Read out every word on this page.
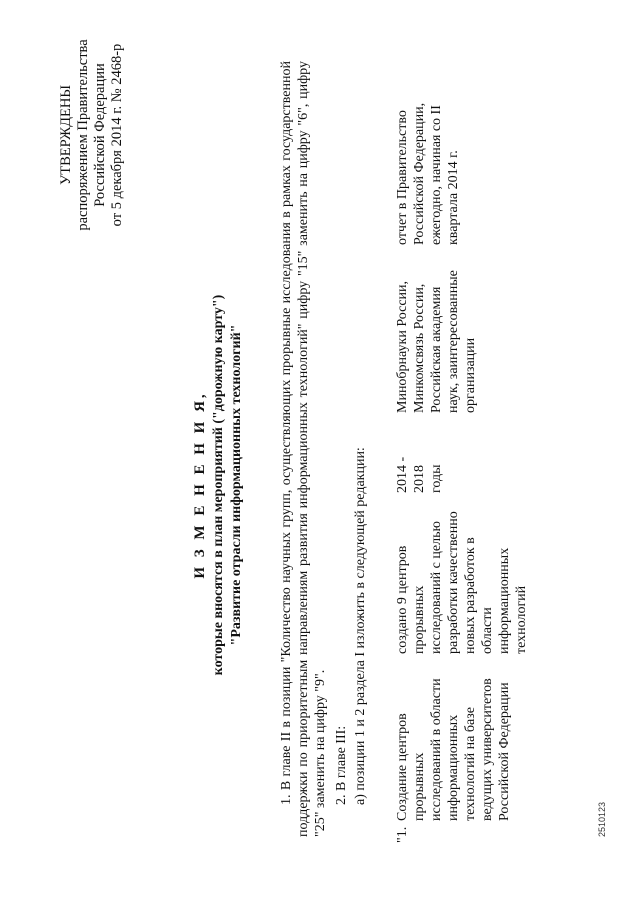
УТВЕРЖДЕНЫ распоряжением Правительства Российской Федерации от 5 декабря 2014 г. № 2468-р
И З М Е Н Е Н И Я, которые вносятся в план мероприятий ("дорожную карту") "Развитие отрасли информационных технологий"	1. В главе II в позиции "Количество научных групп, осуществляющих прорывные исследования в рамках государственной поддержки по приоритетным направлениям развития информационных технологий" цифру "15" заменить на цифру "6", цифру "25" заменить на цифру "9". 2. В главе III: а) позиции 1 и 2 раздела I изложить в следующей редакции:
"1.
Создание центров прорывных исследований в области информационных технологий на базе ведущих университетов Российской Федерации
создано 9 центров прорывных исследований с целью разработки качественно новых разработок в области информационных технологий
2014 - 2018 годы
Минобрнауки России, Минкомсвязь России, Российская академия наук, заинтересованные организации
отчет в Правительство Российской Федерации, ежегодно, начиная со II квартала 2014 г.
2510123
